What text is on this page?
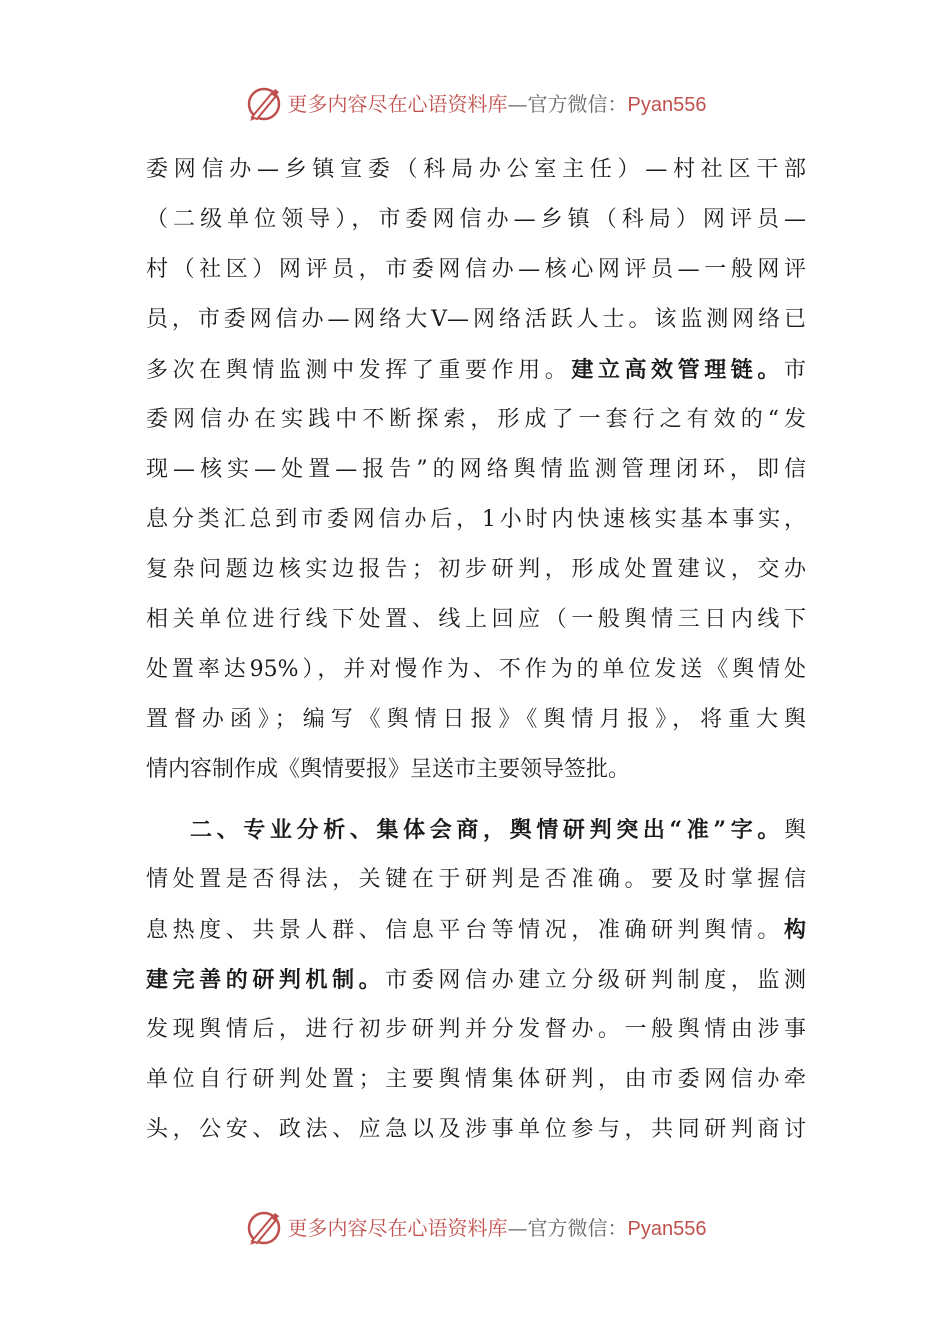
更多内容尽在心语资料库—官方微信：Pyan556
委网信办—乡镇宣委（科局办公室主任）—村社区干部
（二级单位领导），市委网信办—乡镇（科局）网评员—
村（社区）网评员，市委网信办—核心网评员—一般网评
员，市委网信办—网络大V—网络活跃人士。该监测网络已
多次在舆情监测中发挥了重要作用。建立高效管理链。市
委网信办在实践中不断探索，形成了一套行之有效的“发
现—核实—处置—报告”的网络舆情监测管理闭环，即信
息分类汇总到市委网信办后，1小时内快速核实基本事实，
复杂问题边核实边报告；初步研判，形成处置建议，交办
相关单位进行线下处置、线上回应（一般舆情三日内线下
处置率达95%），并对慢作为、不作为的单位发送《舆情处
置督办函》；编写《舆情日报》《舆情月报》，将重大舆
情内容制作成《舆情要报》呈送市主要领导签批。
二、专业分析、集体会商，舆情研判突出“准”字。舆
情处置是否得法，关键在于研判是否准确。要及时掌握信
息热度、共景人群、信息平台等情况，准确研判舆情。构
建完善的研判机制。市委网信办建立分级研判制度，监测
发现舆情后，进行初步研判并分发督办。一般舆情由涉事
单位自行研判处置；主要舆情集体研判，由市委网信办牵
头，公安、政法、应急以及涉事单位参与，共同研判商讨
更多内容尽在心语资料库—官方微信：Pyan556
